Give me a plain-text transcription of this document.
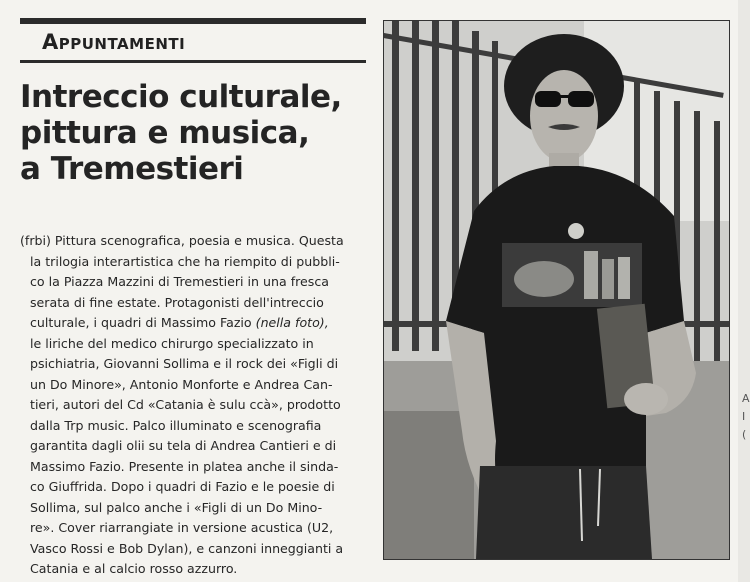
Appuntamenti
Intreccio culturale,
pittura e musica,
a Tremestieri
(frbi) Pittura scenografica, poesia e musica. Questa
la trilogia interartistica che ha riempito di pubbli-
co la Piazza Mazzini di Tremestieri in una fresca
serata di fine estate. Protagonisti dell'intreccio
culturale, i quadri di Massimo Fazio (nella foto),
le liriche del medico chirurgo specializzato in
psichiatria, Giovanni Sollima e il rock dei «Figli di
un Do Minore», Antonio Monforte e Andrea Can-
tieri, autori del Cd «Catania è sulu ccà», prodotto
dalla Trp music. Palco illuminato e scenografia
garantita dagli olii su tela di Andrea Cantieri e di
Massimo Fazio. Presente in platea anche il sinda-
co Giuffrida. Dopo i quadri di Fazio e le poesie di
Sollima, sul palco anche i «Figli di un Do Mino-
re». Cover riarrangiate in versione acustica (U2,
Vasco Rossi e Bob Dylan), e canzoni inneggianti a
Catania e al calcio rosso azzurro.
A
I
(
